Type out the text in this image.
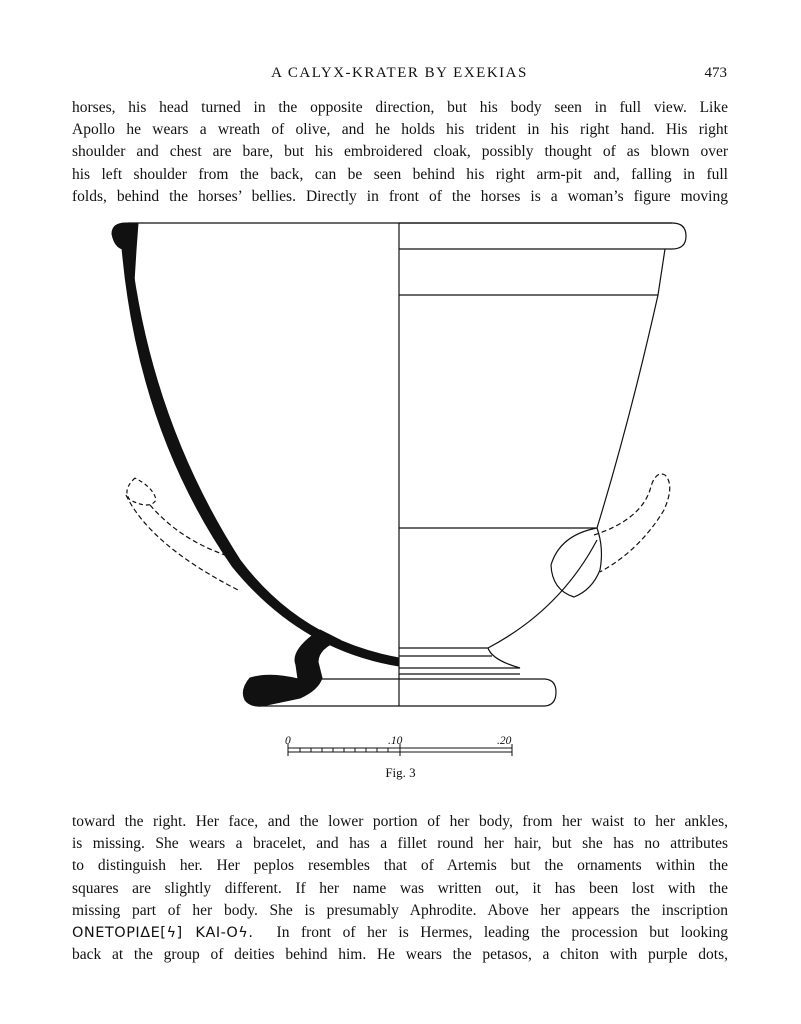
A CALYX-KRATER BY EXEKIAS	473
horses, his head turned in the opposite direction, but his body seen in full view. Like
Apollo he wears a wreath of olive, and he holds his trident in his right hand. His right
shoulder and chest are bare, but his embroidered cloak, possibly thought of as blown over
his left shoulder from the back, can be seen behind his right arm-pit and, falling in full
folds, behind the horses’ bellies. Directly in front of the horses is a woman’s figure moving
0	.10	.20
Fig. 3
toward the right. Her face, and the lower portion of her body, from her waist to her ankles,
is missing. She wears a bracelet, and has a fillet round her hair, but she has no attributes
to distinguish her. Her peplos resembles that of Artemis but the ornaments within the
squares are slightly different. If her name was written out, it has been lost with the
missing part of her body. She is presumably Aphrodite. Above her appears the inscription
ΟΝΕΤΟΡΙΔΕ[ϟ] ΚΑΙ-Οϟ. In front of her is Hermes, leading the procession but looking
back at the group of deities behind him. He wears the petasos, a chiton with purple dots,
